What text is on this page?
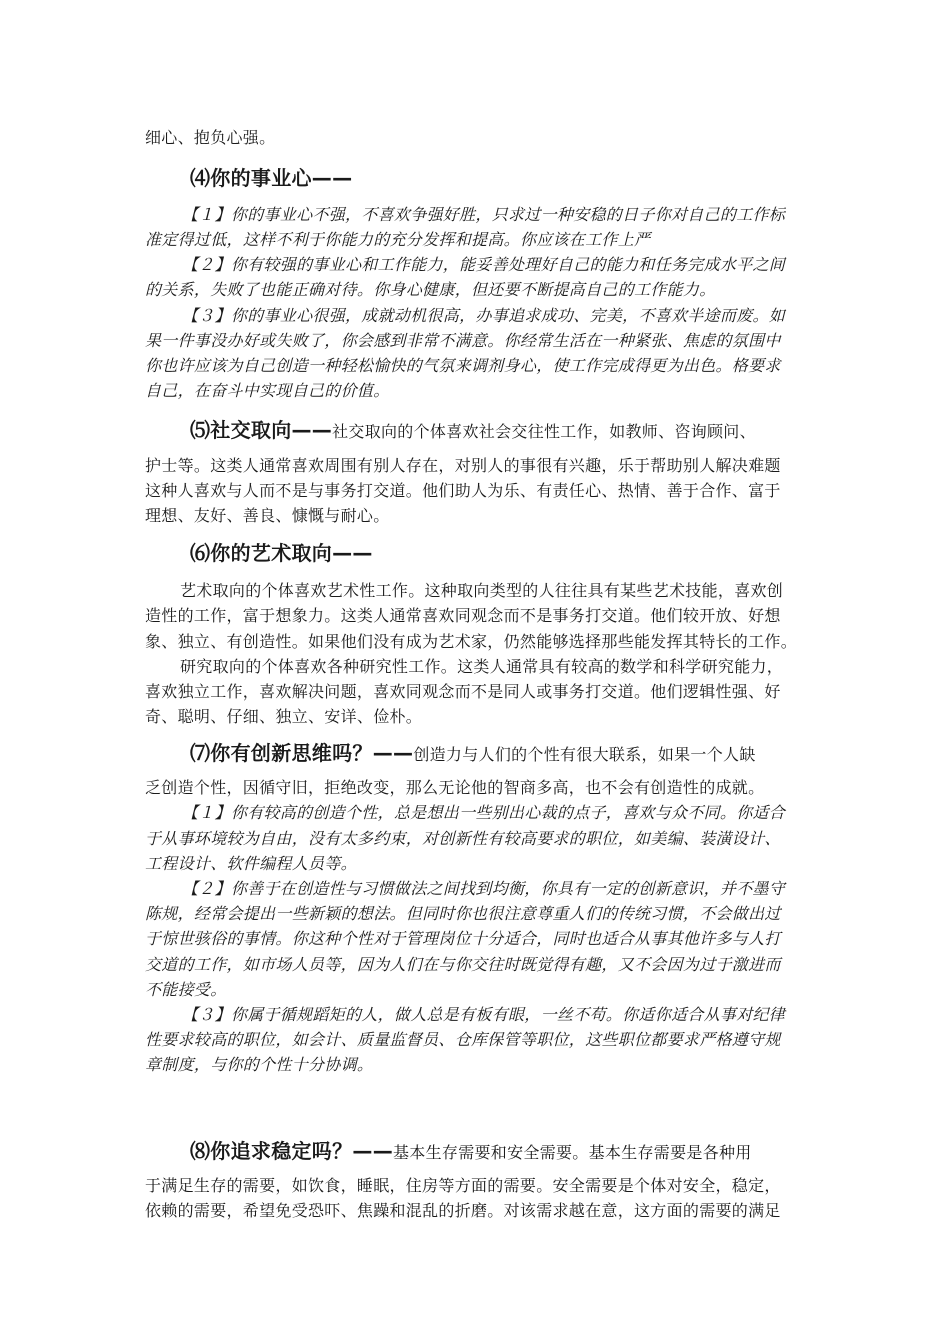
细心、抱负心强。
⑷你的事业心——
【１】你的事业心不强，不喜欢争强好胜，只求过一种安稳的日子你对自己的工作标
准定得过低，这样不利于你能力的充分发挥和提高。你应该在工作上严
【２】你有较强的事业心和工作能力，能妥善处理好自己的能力和任务完成水平之间
的关系，失败了也能正确对待。你身心健康，但还要不断提高自己的工作能力。
【３】你的事业心很强，成就动机很高，办事追求成功、完美，不喜欢半途而废。如
果一件事没办好或失败了，你会感到非常不满意。你经常生活在一种紧张、焦虑的氛围中
你也许应该为自己创造一种轻松愉快的气氛来调剂身心，使工作完成得更为出色。格要求
自己，在奋斗中实现自己的价值。
⑸社交取向——社交取向的个体喜欢社会交往性工作，如教师、咨询顾问、
护士等。这类人通常喜欢周围有别人存在，对别人的事很有兴趣，乐于帮助别人解决难题
这种人喜欢与人而不是与事务打交道。他们助人为乐、有责任心、热情、善于合作、富于
理想、友好、善良、慷慨与耐心。
⑹你的艺术取向——
艺术取向的个体喜欢艺术性工作。这种取向类型的人往往具有某些艺术技能，喜欢创
造性的工作，富于想象力。这类人通常喜欢同观念而不是事务打交道。他们较开放、好想
象、独立、有创造性。如果他们没有成为艺术家，仍然能够选择那些能发挥其特长的工作。
研究取向的个体喜欢各种研究性工作。这类人通常具有较高的数学和科学研究能力，
喜欢独立工作，喜欢解决问题，喜欢同观念而不是同人或事务打交道。他们逻辑性强、好
奇、聪明、仔细、独立、安详、俭朴。
⑺你有创新思维吗？——创造力与人们的个性有很大联系，如果一个人缺
乏创造个性，因循守旧，拒绝改变，那么无论他的智商多高，也不会有创造性的成就。
【１】你有较高的创造个性，总是想出一些别出心裁的点子，喜欢与众不同。你适合
于从事环境较为自由，没有太多约束，对创新性有较高要求的职位，如美编、装潢设计、
工程设计、软件编程人员等。
【２】你善于在创造性与习惯做法之间找到均衡，你具有一定的创新意识，并不墨守
陈规，经常会提出一些新颖的想法。但同时你也很注意尊重人们的传统习惯，不会做出过
于惊世骇俗的事情。你这种个性对于管理岗位十分适合，同时也适合从事其他许多与人打
交道的工作，如市场人员等，因为人们在与你交往时既觉得有趣，又不会因为过于激进而
不能接受。
【３】你属于循规蹈矩的人，做人总是有板有眼，一丝不苟。你适你适合从事对纪律
性要求较高的职位，如会计、质量监督员、仓库保管等职位，这些职位都要求严格遵守规
章制度，与你的个性十分协调。
⑻你追求稳定吗？——基本生存需要和安全需要。基本生存需要是各种用
于满足生存的需要，如饮食，睡眠，住房等方面的需要。安全需要是个体对安全，稳定，
依赖的需要，希望免受恐吓、焦躁和混乱的折磨。对该需求越在意，这方面的需要的满足
